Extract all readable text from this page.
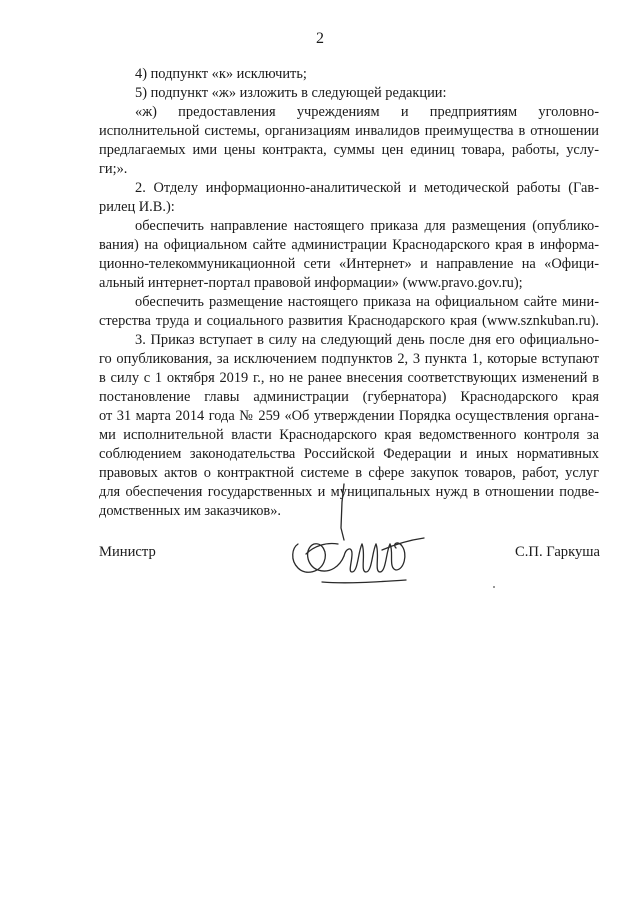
2
4) подпункт «к» исключить;
5) подпункт «ж» изложить в следующей редакции:
«ж) предоставления учреждениям и предприятиям уголовно-
исполнительной системы, организациям инвалидов преимущества в отношении
предлагаемых ими цены контракта, суммы цен единиц товара, работы, услу-
ги;».
2. Отделу информационно-аналитической и методической работы (Гав-
рилец И.В.):
обеспечить направление настоящего приказа для размещения (опублико-
вания) на официальном сайте администрации Краснодарского края в информа-
ционно-телекоммуникационной сети «Интернет» и направление на «Офици-
альный интернет-портал правовой информации» (www.pravo.gov.ru);
обеспечить размещение настоящего приказа на официальном сайте мини-
стерства труда и социального развития Краснодарского края (www.sznkuban.ru).
3. Приказ вступает в силу на следующий день после дня его официально-
го опубликования, за исключением подпунктов 2, 3 пункта 1, которые вступают
в силу с 1 октября 2019 г., но не ранее внесения соответствующих изменений в
постановление главы администрации (губернатора) Краснодарского края
от 31 марта 2014 года № 259 «Об утверждении Порядка осуществления органа-
ми исполнительной власти Краснодарского края ведомственного контроля за
соблюдением законодательства Российской Федерации и иных нормативных
правовых актов о контрактной системе в сфере закупок товаров, работ, услуг
для обеспечения государственных и муниципальных нужд в отношении подве-
домственных им заказчиков».
Министр	С.П. Гаркуша
